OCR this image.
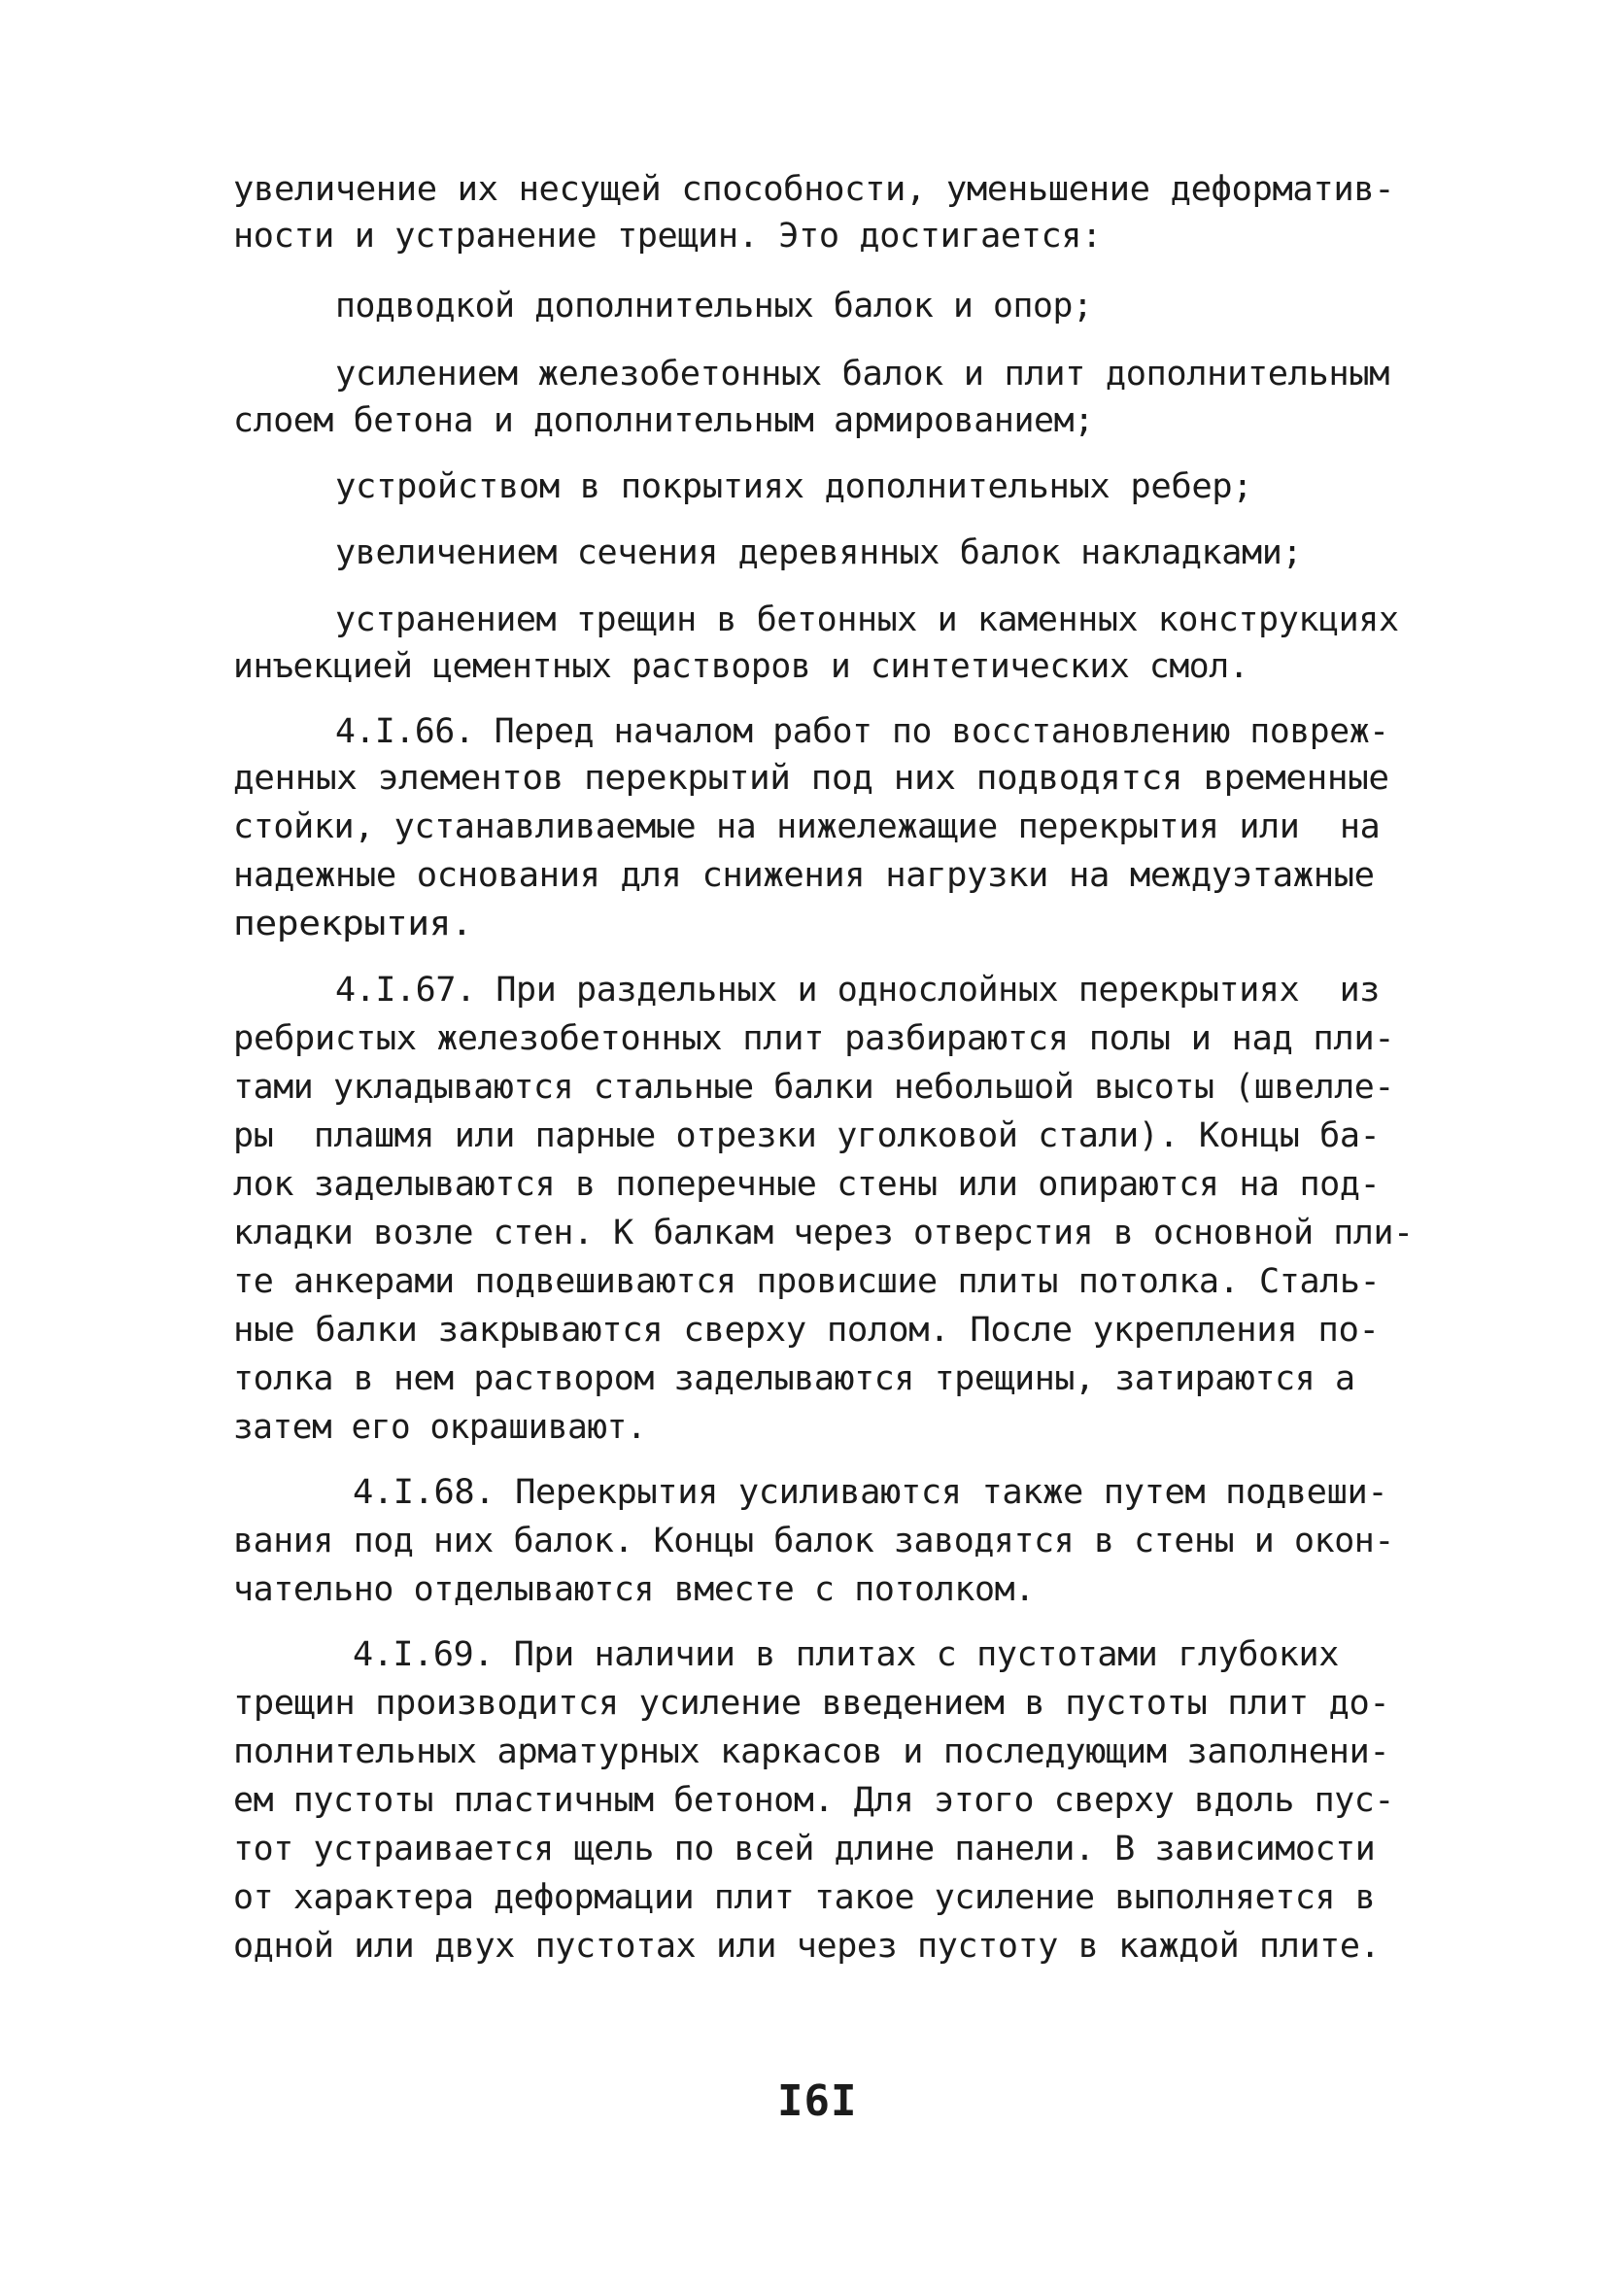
увеличение их несущей способности, уменьшение деформатив-
ности и устранение трещин. Это достигается:
подводкой дополнительных балок и опор;
усилением железобетонных балок и плит дополнительным
слоем бетона и дополнительным армированием;
устройством в покрытиях дополнительных ребер;
увеличением сечения деревянных балок накладками;
устранением трещин в бетонных и каменных конструкциях
инъекцией цементных растворов и синтетических смол.
4.I.66. Перед началом работ по восстановлению повреж-
денных элементов перекрытий под них подводятся временные
стойки, устанавливаемые на нижележащие перекрытия или  на
надежные основания для снижения нагрузки на междуэтажные
перекрытия.
4.I.67. При раздельных и однослойных перекрытиях  из
ребристых железобетонных плит разбираются полы и над пли-
тами укладываются стальные балки небольшой высоты (швелле-
ры  плашмя или парные отрезки уголковой стали). Концы ба-
лок заделываются в поперечные стены или опираются на под-
кладки возле стен. К балкам через отверстия в основной пли-
те анкерами подвешиваются провисшие плиты потолка. Сталь-
ные балки закрываются сверху полом. После укрепления по-
толка в нем раствором заделываются трещины, затираются а
затем его окрашивают.
4.I.68. Перекрытия усиливаются также путем подвеши-
вания под них балок. Концы балок заводятся в стены и окон-
чательно отделываются вместе с потолком.
4.I.69. При наличии в плитах с пустотами глубоких
трещин производится усиление введением в пустоты плит до-
полнительных арматурных каркасов и последующим заполнени-
ем пустоты пластичным бетоном. Для этого сверху вдоль пус-
тот устраивается щель по всей длине панели. В зависимости
от характера деформации плит такое усиление выполняется в
одной или двух пустотах или через пустоту в каждой плите.
I6I
